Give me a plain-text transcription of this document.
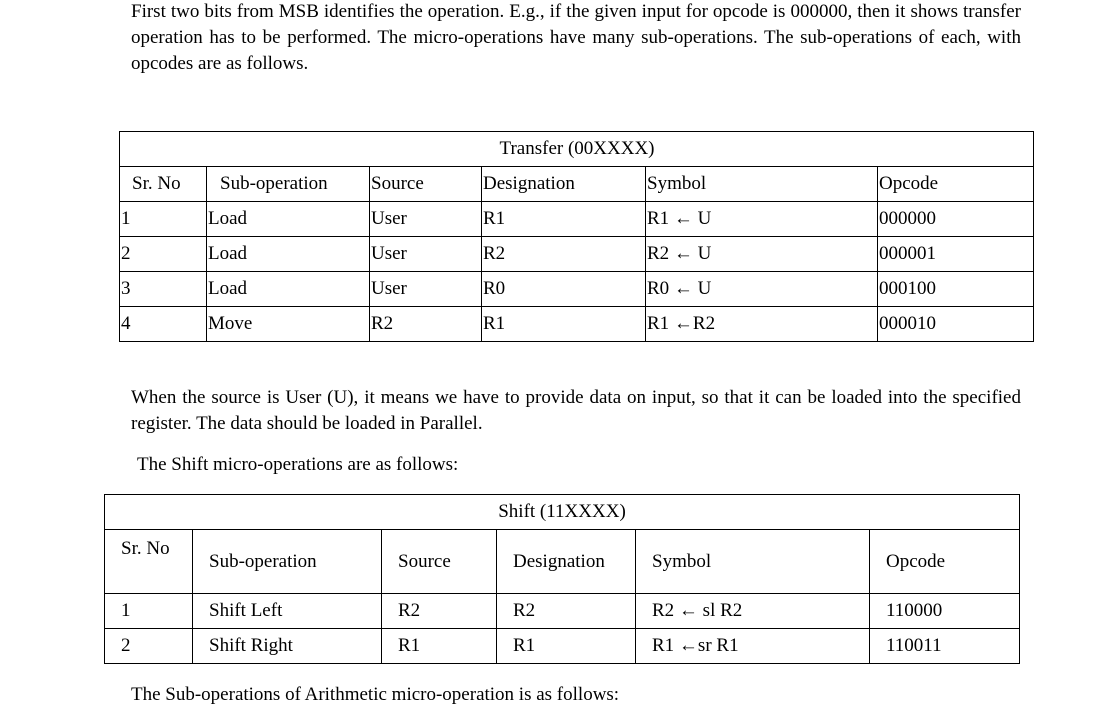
First two bits from MSB identifies the operation. E.g., if the given input for opcode is 000000, then it shows transfer operation has to be performed. The micro-operations have many sub-operations. The sub-operations of each, with opcodes are as follows.

Transfer (00XXXX)					
Sr. No	Sub-operation	Source	Designation	Symbol	Opcode
1	Load	User	R1	R1 ← U	000000
2	Load	User	R2	R2 ← U	000001
3	Load	User	R0	R0 ← U	000100
4	Move	R2	R1	R1 ←R2	000010

When the source is User (U), it means we have to provide data on input, so that it can be loaded into the specified register. The data should be loaded in Parallel.

The Shift micro-operations are as follows:

Shift (11XXXX)					
Sr. No	Sub-operation	Source	Designation	Symbol	Opcode
1	Shift Left	R2	R2	R2 ← sl R2	110000
2	Shift Right	R1	R1	R1 ←sr R1	110011

The Sub-operations of Arithmetic micro-operation is as follows:
